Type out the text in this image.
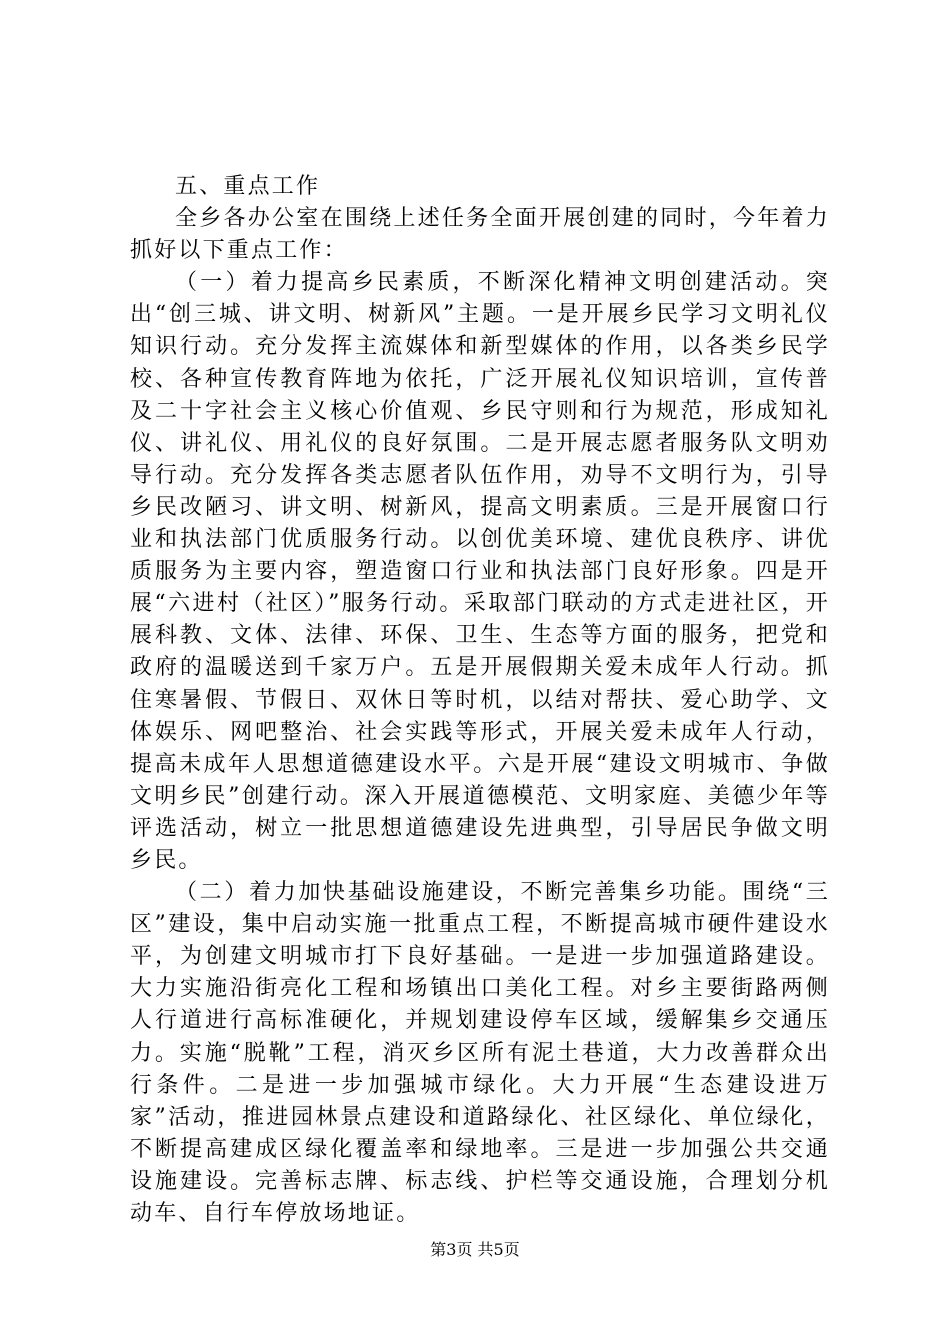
五、重点工作

全乡各办公室在围绕上述任务全面开展创建的同时，今年着力抓好以下重点工作：

（一）着力提高乡民素质，不断深化精神文明创建活动。突出“创三城、讲文明、树新风”主题。一是开展乡民学习文明礼仪知识行动。充分发挥主流媒体和新型媒体的作用，以各类乡民学校、各种宣传教育阵地为依托，广泛开展礼仪知识培训，宣传普及二十字社会主义核心价值观、乡民守则和行为规范，形成知礼仪、讲礼仪、用礼仪的良好氛围。二是开展志愿者服务队文明劝导行动。充分发挥各类志愿者队伍作用，劝导不文明行为，引导乡民改陋习、讲文明、树新风，提高文明素质。三是开展窗口行业和执法部门优质服务行动。以创优美环境、建优良秩序、讲优质服务为主要内容，塑造窗口行业和执法部门良好形象。四是开展“六进村（社区）”服务行动。采取部门联动的方式走进社区，开展科教、文体、法律、环保、卫生、生态等方面的服务，把党和政府的温暖送到千家万户。五是开展假期关爱未成年人行动。抓住寒暑假、节假日、双休日等时机，以结对帮扶、爱心助学、文体娱乐、网吧整治、社会实践等形式，开展关爱未成年人行动，提高未成年人思想道德建设水平。六是开展“建设文明城市、争做文明乡民”创建行动。深入开展道德模范、文明家庭、美德少年等评选活动，树立一批思想道德建设先进典型，引导居民争做文明乡民。

（二）着力加快基础设施建设，不断完善集乡功能。围绕“三区”建设，集中启动实施一批重点工程，不断提高城市硬件建设水平，为创建文明城市打下良好基础。一是进一步加强道路建设。大力实施沿街亮化工程和场镇出口美化工程。对乡主要街路两侧人行道进行高标准硬化，并规划建设停车区域，缓解集乡交通压力。实施“脱靴”工程，消灭乡区所有泥土巷道，大力改善群众出行条件。二是进一步加强城市绿化。大力开展“生态建设进万家”活动，推进园林景点建设和道路绿化、社区绿化、单位绿化，不断提高建成区绿化覆盖率和绿地率。三是进一步加强公共交通设施建设。完善标志牌、标志线、护栏等交通设施，合理划分机动车、自行车停放场地证。

第3页 共5页
